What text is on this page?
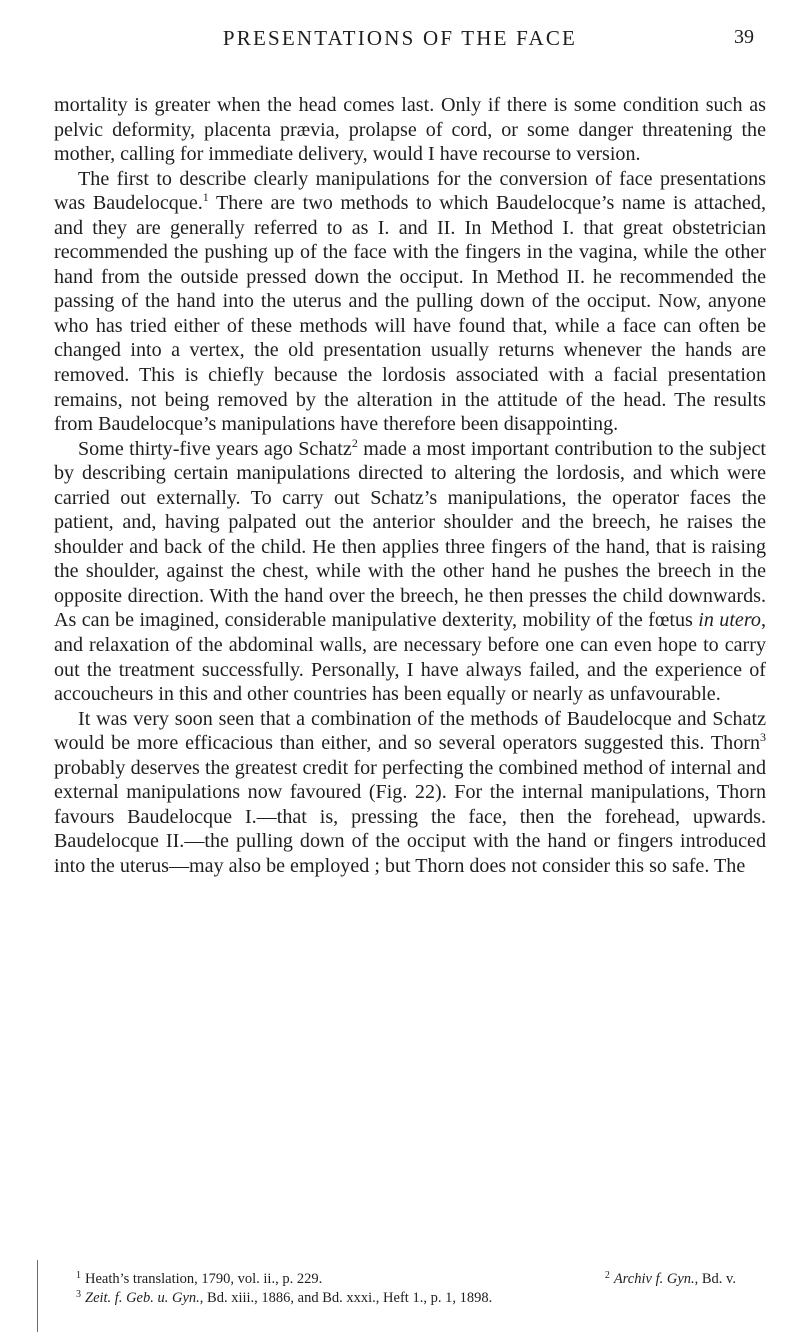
PRESENTATIONS OF THE FACE	39

mortality is greater when the head comes last. Only if there is some condition such as pelvic deformity, placenta prævia, prolapse of cord, or some danger threatening the mother, calling for immediate delivery, would I have recourse to version.

The first to describe clearly manipulations for the conversion of face presentations was Baudelocque.$^1$ There are two methods to which Baudelocque’s name is attached, and they are generally referred to as I. and II. In Method I. that great obstetrician recommended the pushing up of the face with the fingers in the vagina, while the other hand from the outside pressed down the occiput. In Method II. he recommended the passing of the hand into the uterus and the pulling down of the occiput. Now, anyone who has tried either of these methods will have found that, while a face can often be changed into a vertex, the old presentation usually returns whenever the hands are removed. This is chiefly because the lordosis associated with a facial presentation remains, not being removed by the alteration in the attitude of the head. The results from Baudelocque’s manipulations have therefore been disappointing.

Some thirty-five years ago Schatz$^2$ made a most important contribution to the subject by describing certain manipulations directed to altering the lordosis, and which were carried out externally. To carry out Schatz’s manipulations, the operator faces the patient, and, having palpated out the anterior shoulder and the breech, he raises the shoulder and back of the child. He then applies three fingers of the hand, that is raising the shoulder, against the chest, while with the other hand he pushes the breech in the opposite direction. With the hand over the breech, he then presses the child downwards. As can be imagined, considerable manipulative dexterity, mobility of the fœtus in utero, and relaxation of the abdominal walls, are necessary before one can even hope to carry out the treatment successfully. Personally, I have always failed, and the experience of accoucheurs in this and other countries has been equally or nearly as unfavourable.

It was very soon seen that a combination of the methods of Baudelocque and Schatz would be more efficacious than either, and so several operators suggested this. Thorn$^3$ probably deserves the greatest credit for perfecting the combined method of internal and external manipulations now favoured (Fig. 22). For the internal manipulations, Thorn favours Baudelocque I.—that is, pressing the face, then the forehead, upwards. Baudelocque II.—the pulling down of the occiput with the hand or fingers introduced into the uterus—may also be employed ; but Thorn does not consider this so safe. The

$^1$ Heath’s translation, 1790, vol. ii., p. 229.	$^2$ Archiv f. Gyn., Bd. v.
$^3$ Zeit. f. Geb. u. Gyn., Bd. xiii., 1886, and Bd. xxxi., Heft 1., p. 1, 1898.
